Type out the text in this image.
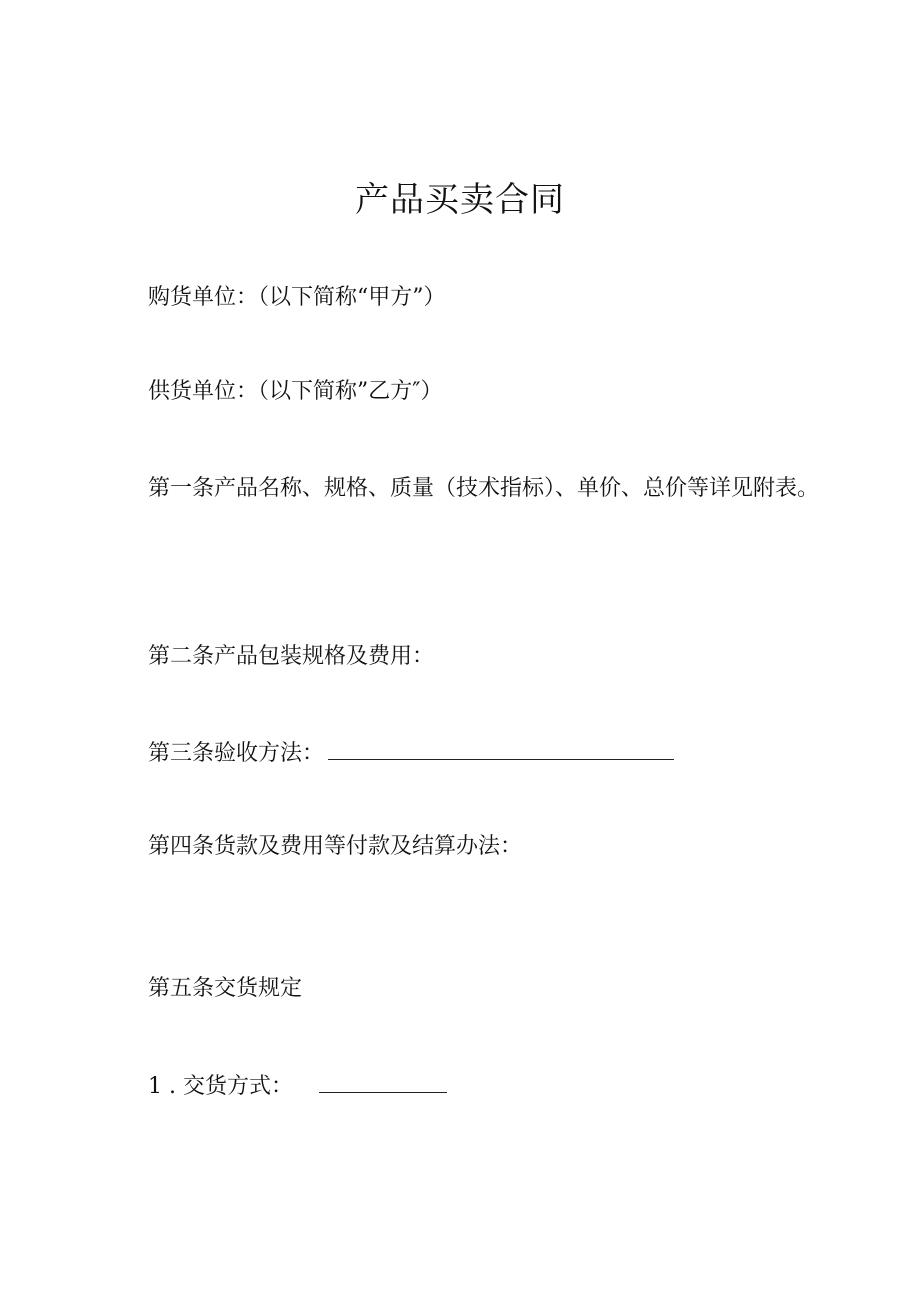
产品买卖合同
购货单位：（以下简称“甲方”）
供货单位：（以下简称”乙方″）
第一条产品名称、规格、质量（技术指标）、单价、总价等详见附表。
第二条产品包装规格及费用：
第三条验收方法：
第四条货款及费用等付款及结算办法：
第五条交货规定
1 . 交货方式：
